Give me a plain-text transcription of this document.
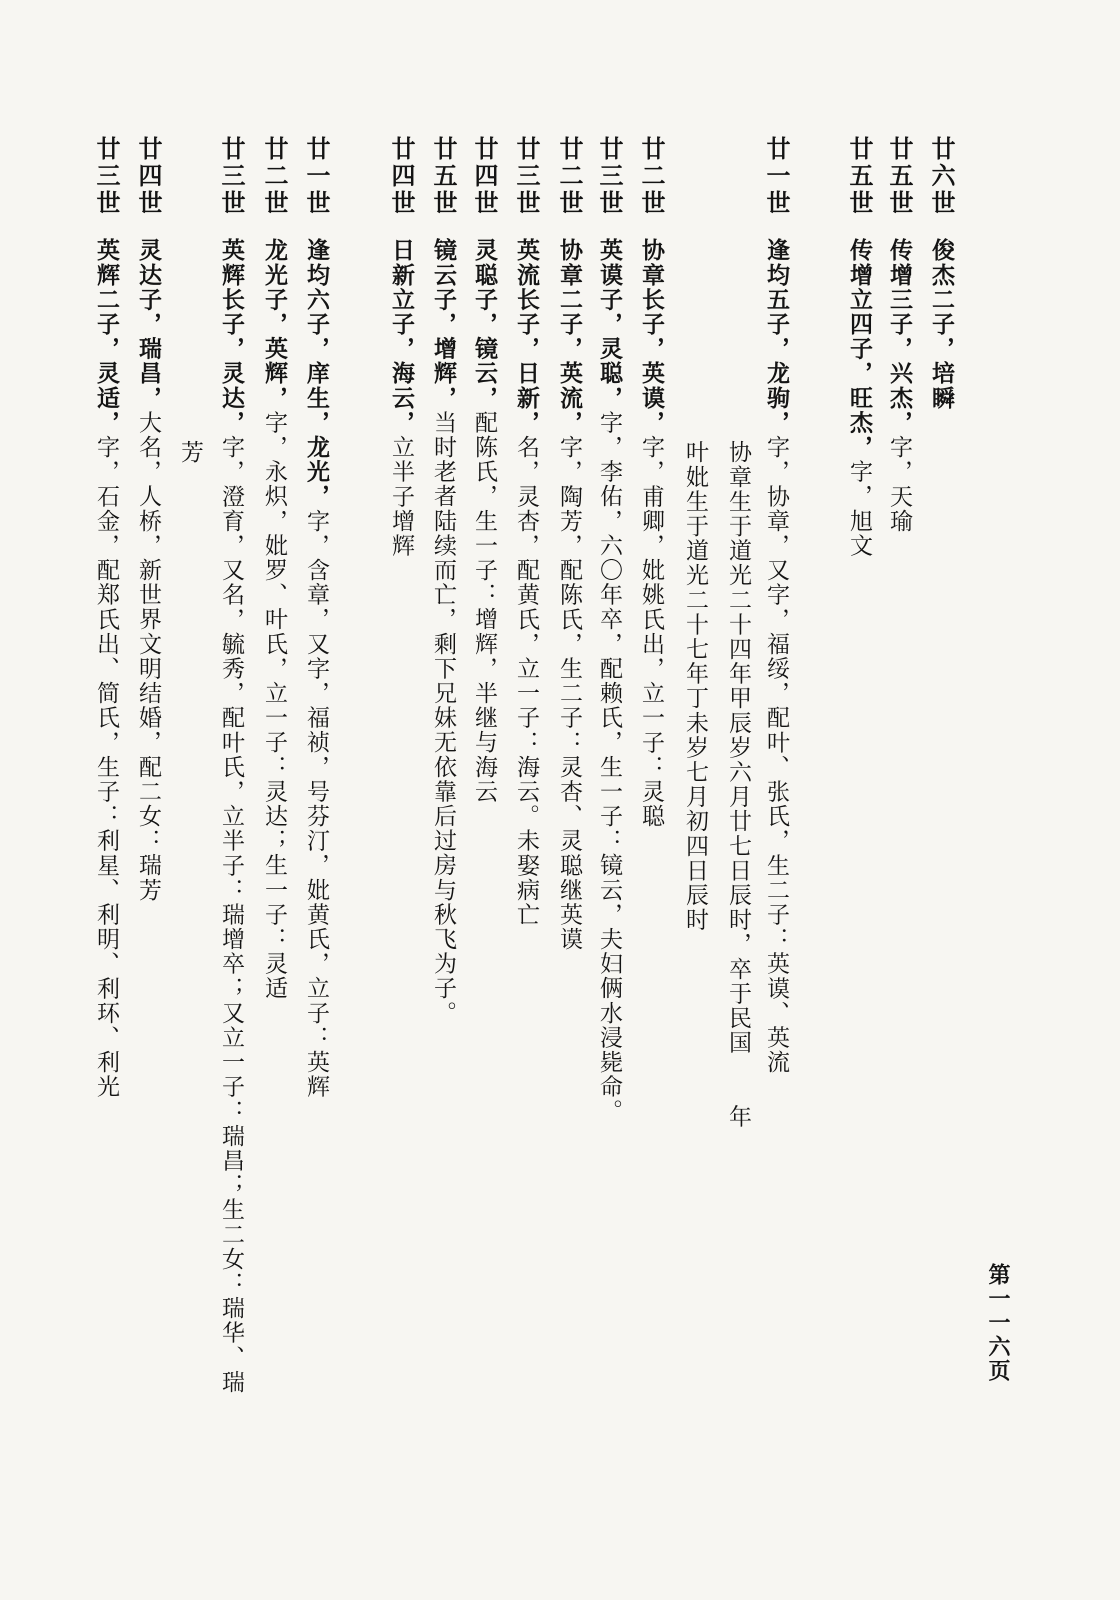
廿六世
俊杰二子，培瞬
廿五世
传增三子，兴杰，字，天瑜
廿五世
传增立四子，旺杰，字，旭文
廿一世
逢均五子，龙驹，字，协章，又字，福绥，配叶、张氏，生二子：英谟、英流
协章生于道光二十四年甲辰岁六月廿七日辰时，卒于民国　　年
叶妣生于道光二十七年丁未岁七月初四日辰时
廿二世
协章长子，英谟，字，甫卿，妣姚氏出，立一子：灵聪
廿三世
英谟子，灵聪，字，李佑，六〇年卒，配赖氏，生一子：镜云，夫妇俩水浸毙命。
廿二世
协章二子，英流，字，陶芳，配陈氏，生二子：灵杏、灵聪继英谟
廿三世
英流长子，日新，名，灵杏，配黄氏，立一子：海云。未娶病亡
廿四世
灵聪子，镜云，配陈氏，生一子：增辉，半继与海云
廿五世
镜云子，增辉，当时老者陆续而亡，剩下兄妹无依靠后过房与秋飞为子。
廿四世
日新立子，海云，立半子增辉
廿一世
逢均六子，庠生，龙光，字，含章，又字，福祯，号芬汀，妣黄氏，立子：英辉
廿二世
龙光子，英辉，字，永炽，妣罗、叶氏，立一子：灵达；生一子：灵适
廿三世
英辉长子，灵达，字，澄育，又名，毓秀，配叶氏，立半子：瑞增卒；又立一子：瑞昌；生二女：瑞华、瑞
芳
廿四世
灵达子，瑞昌，大名，人桥，新世界文明结婚，配二女：瑞芳
廿三世
英辉二子，灵适，字，石金，配郑氏出、简氏，生子：利星、利明、利环、利光
第一一六页
